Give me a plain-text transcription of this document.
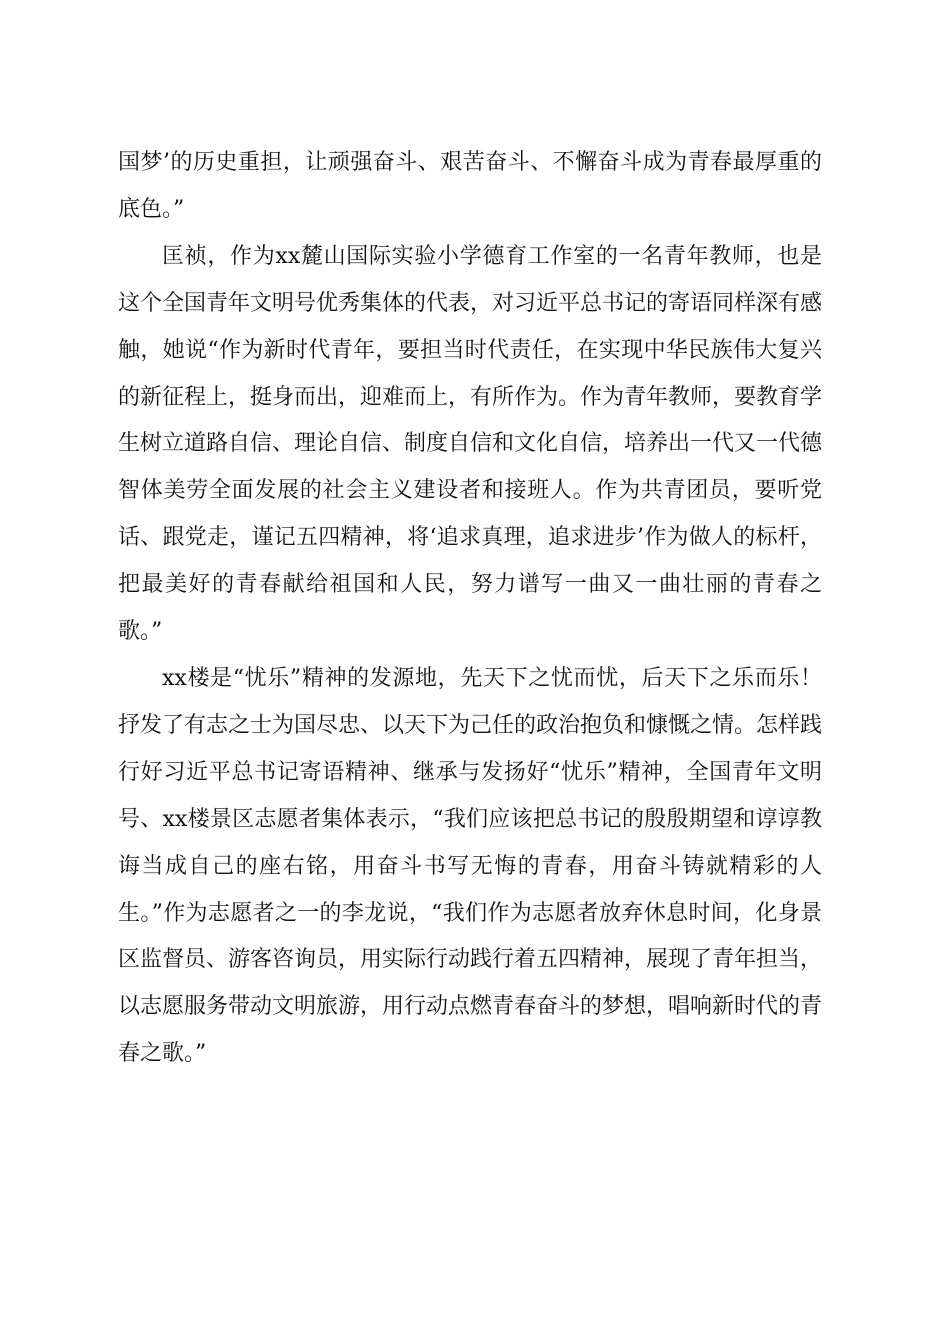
国梦’的历史重担，让顽强奋斗、艰苦奋斗、不懈奋斗成为青春最厚重的底色。”

匡祯，作为xx麓山国际实验小学德育工作室的一名青年教师，也是这个全国青年文明号优秀集体的代表，对习近平总书记的寄语同样深有感触，她说“作为新时代青年，要担当时代责任，在实现中华民族伟大复兴的新征程上，挺身而出，迎难而上，有所作为。作为青年教师，要教育学生树立道路自信、理论自信、制度自信和文化自信，培养出一代又一代德智体美劳全面发展的社会主义建设者和接班人。作为共青团员，要听党话、跟党走，谨记五四精神，将‘追求真理，追求进步’作为做人的标杆，把最美好的青春献给祖国和人民，努力谱写一曲又一曲壮丽的青春之歌。”

xx楼是“忧乐”精神的发源地，先天下之忧而忧，后天下之乐而乐！抒发了有志之士为国尽忠、以天下为己任的政治抱负和慷慨之情。怎样践行好习近平总书记寄语精神、继承与发扬好“忧乐”精神，全国青年文明号、xx楼景区志愿者集体表示，“我们应该把总书记的殷殷期望和谆谆教诲当成自己的座右铭，用奋斗书写无悔的青春，用奋斗铸就精彩的人生。”作为志愿者之一的李龙说，“我们作为志愿者放弃休息时间，化身景区监督员、游客咨询员，用实际行动践行着五四精神，展现了青年担当，以志愿服务带动文明旅游，用行动点燃青春奋斗的梦想，唱响新时代的青春之歌。”
